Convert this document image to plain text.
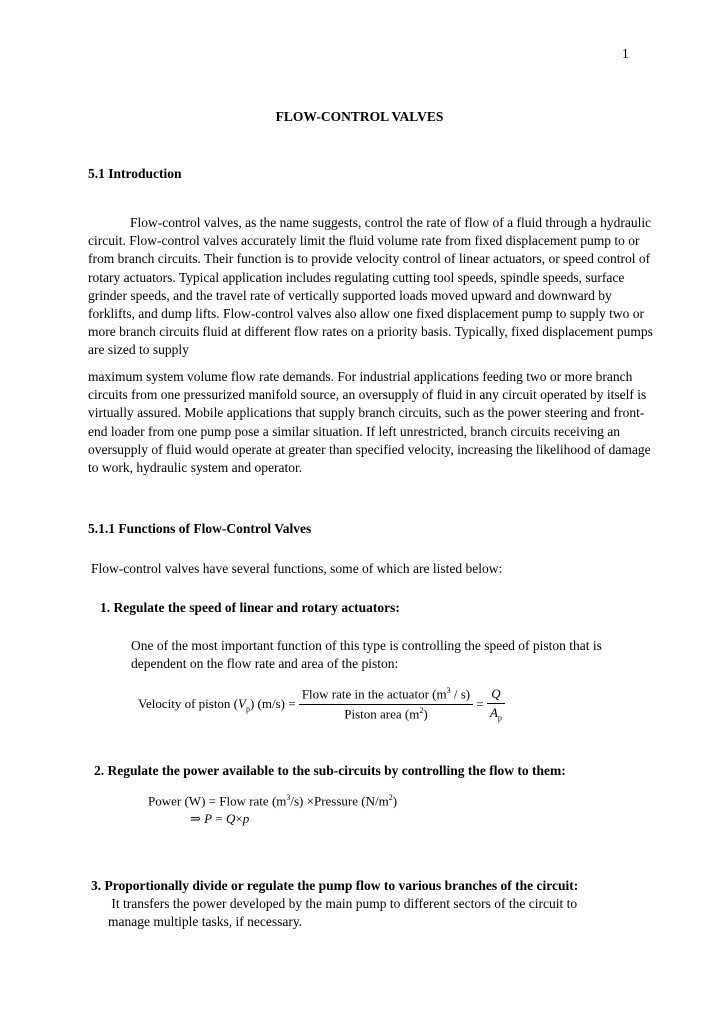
1
FLOW-CONTROL VALVES
5.1 Introduction
Flow-control valves, as the name suggests, control the rate of flow of a fluid through a hydraulic circuit. Flow-control valves accurately limit the fluid volume rate from fixed displacement pump to or from branch circuits. Their function is to provide velocity control of linear actuators, or speed control of rotary actuators. Typical application includes regulating cutting tool speeds, spindle speeds, surface grinder speeds, and the travel rate of vertically supported loads moved upward and downward by forklifts, and dump lifts. Flow-control valves also allow one fixed displacement pump to supply two or more branch circuits fluid at different flow rates on a priority basis. Typically, fixed displacement pumps are sized to supply
maximum system volume flow rate demands. For industrial applications feeding two or more branch circuits from one pressurized manifold source, an oversupply of fluid in any circuit operated by itself is virtually assured. Mobile applications that supply branch circuits, such as the power steering and front-end loader from one pump pose a similar situation. If left unrestricted, branch circuits receiving an oversupply of fluid would operate at greater than specified velocity, increasing the likelihood of damage to work, hydraulic system and operator.
5.1.1 Functions of Flow-Control Valves
Flow-control valves have several functions, some of which are listed below:
1. Regulate the speed of linear and rotary actuators:
One of the most important function of this type is controlling the speed of piston that is dependent on the flow rate and area of the piston:
Velocity of piston $(V_p) (m/s) = \frac{Flow rate in the actuator (m^3 / s)}{Piston area (m^2)} = \frac{Q}{A_p}$
2. Regulate the power available to the sub-circuits by controlling the flow to them:
Power (W) = Flow rate $(m^3/s)$ ×Pressure $(N/m^2)$
⇒ P = Q×p
3. Proportionally divide or regulate the pump flow to various branches of the circuit:
It transfers the power developed by the main pump to different sectors of the circuit to
manage multiple tasks, if necessary.
